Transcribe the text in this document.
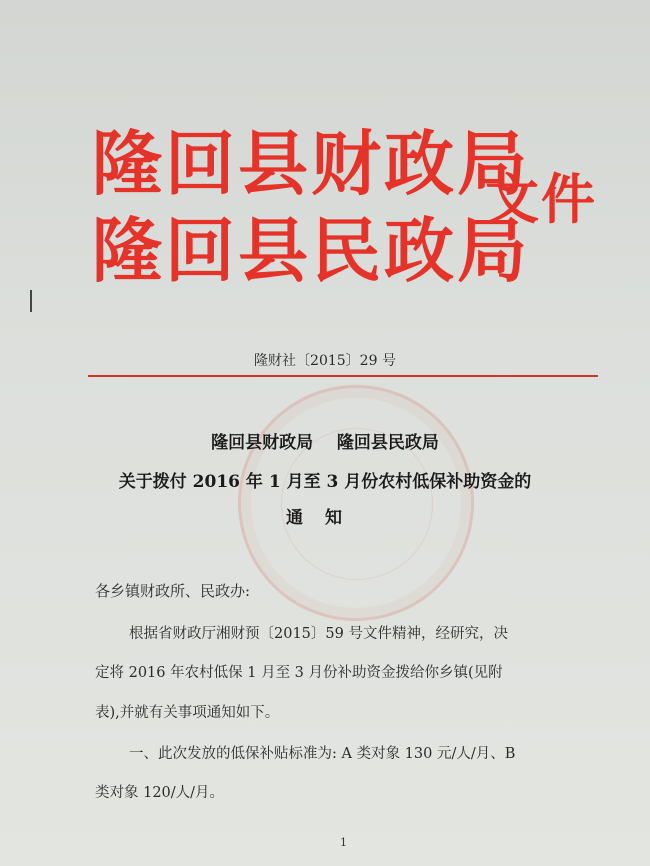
隆回县财政局
隆回县民政局
文件
隆财社〔2015〕29 号
隆回县财政局    隆回县民政局
关于拨付 2016 年 1 月至 3 月份农村低保补助资金的
通知
各乡镇财政所、民政办:
根据省财政厅湘财预〔2015〕59 号文件精神，经研究，决
定将 2016 年农村低保 1 月至 3 月份补助资金拨给你乡镇(见附
表),并就有关事项通知如下。
一、此次发放的低保补贴标准为: A 类对象 130 元/人/月、B
类对象 120/人/月。
1
